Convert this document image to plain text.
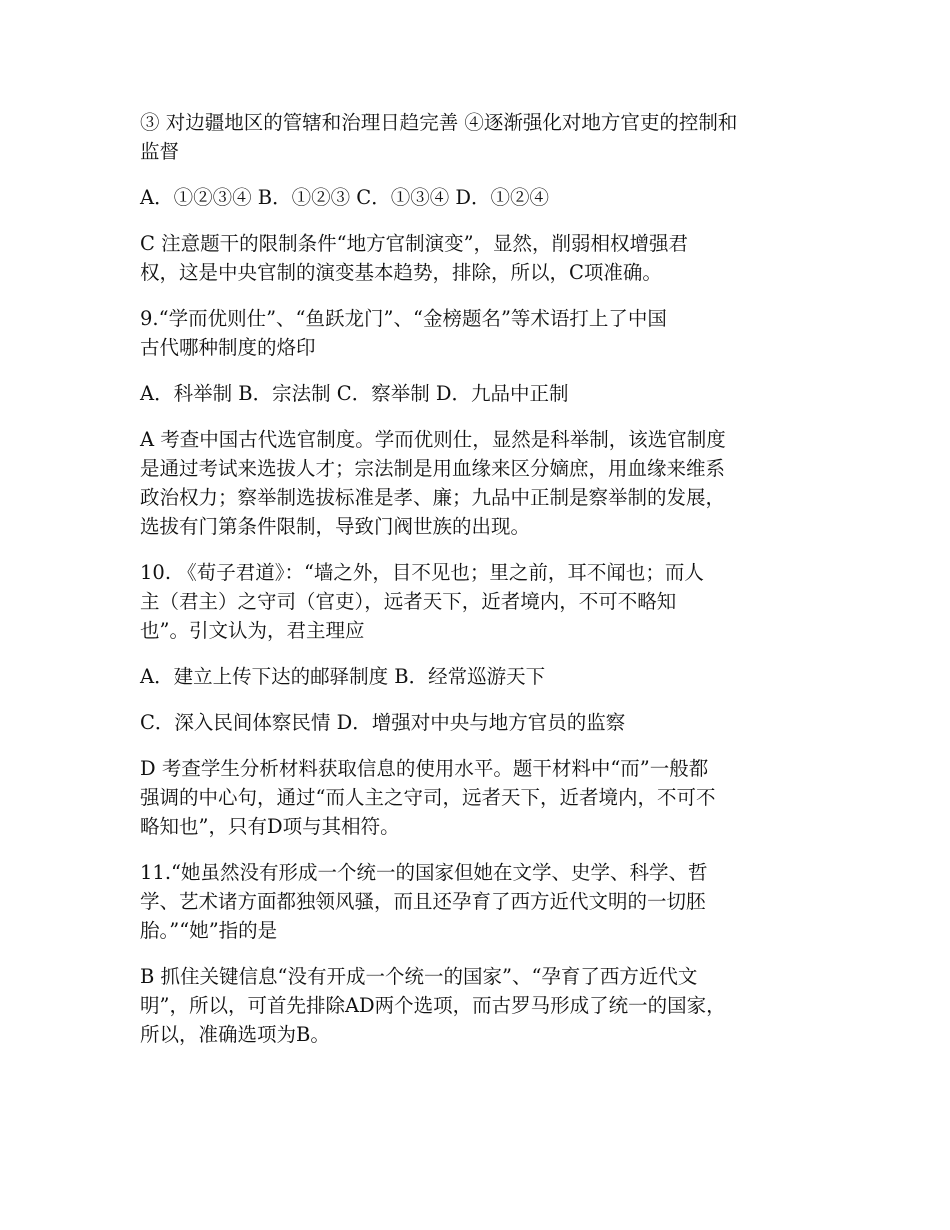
③ 对边疆地区的管辖和治理日趋完善 ④逐渐强化对地方官吏的控制和
监督

A．①②③④ B．①②③ C．①③④ D．①②④

C 注意题干的限制条件“地方官制演变”，显然，削弱相权增强君
权，这是中央官制的演变基本趋势，排除，所以，C项准确。

9.“学而优则仕”、“鱼跃龙门”、“金榜题名”等术语打上了中国
古代哪种制度的烙印

A．科举制 B．宗法制 C．察举制 D．九品中正制

A 考查中国古代选官制度。学而优则仕，显然是科举制，该选官制度
是通过考试来选拔人才；宗法制是用血缘来区分嫡庶，用血缘来维系
政治权力；察举制选拔标准是孝、廉；九品中正制是察举制的发展，
选拔有门第条件限制，导致门阀世族的出现。

10. 《荀子君道》：“墙之外，目不见也；里之前，耳不闻也；而人
主（君主）之守司（官吏），远者天下，近者境内，不可不略知
也”。引文认为，君主理应

A．建立上传下达的邮驿制度 B．经常巡游天下

C．深入民间体察民情 D．增强对中央与地方官员的监察

D 考查学生分析材料获取信息的使用水平。题干材料中“而”一般都
强调的中心句，通过“而人主之守司，远者天下，近者境内，不可不
略知也”，只有D项与其相符。

11.“她虽然没有形成一个统一的国家但她在文学、史学、科学、哲
学、艺术诸方面都独领风骚，而且还孕育了西方近代文明的一切胚
胎。”“她”指的是

B 抓住关键信息“没有开成一个统一的国家”、“孕育了西方近代文
明”，所以，可首先排除AD两个选项，而古罗马形成了统一的国家，
所以，准确选项为B。
